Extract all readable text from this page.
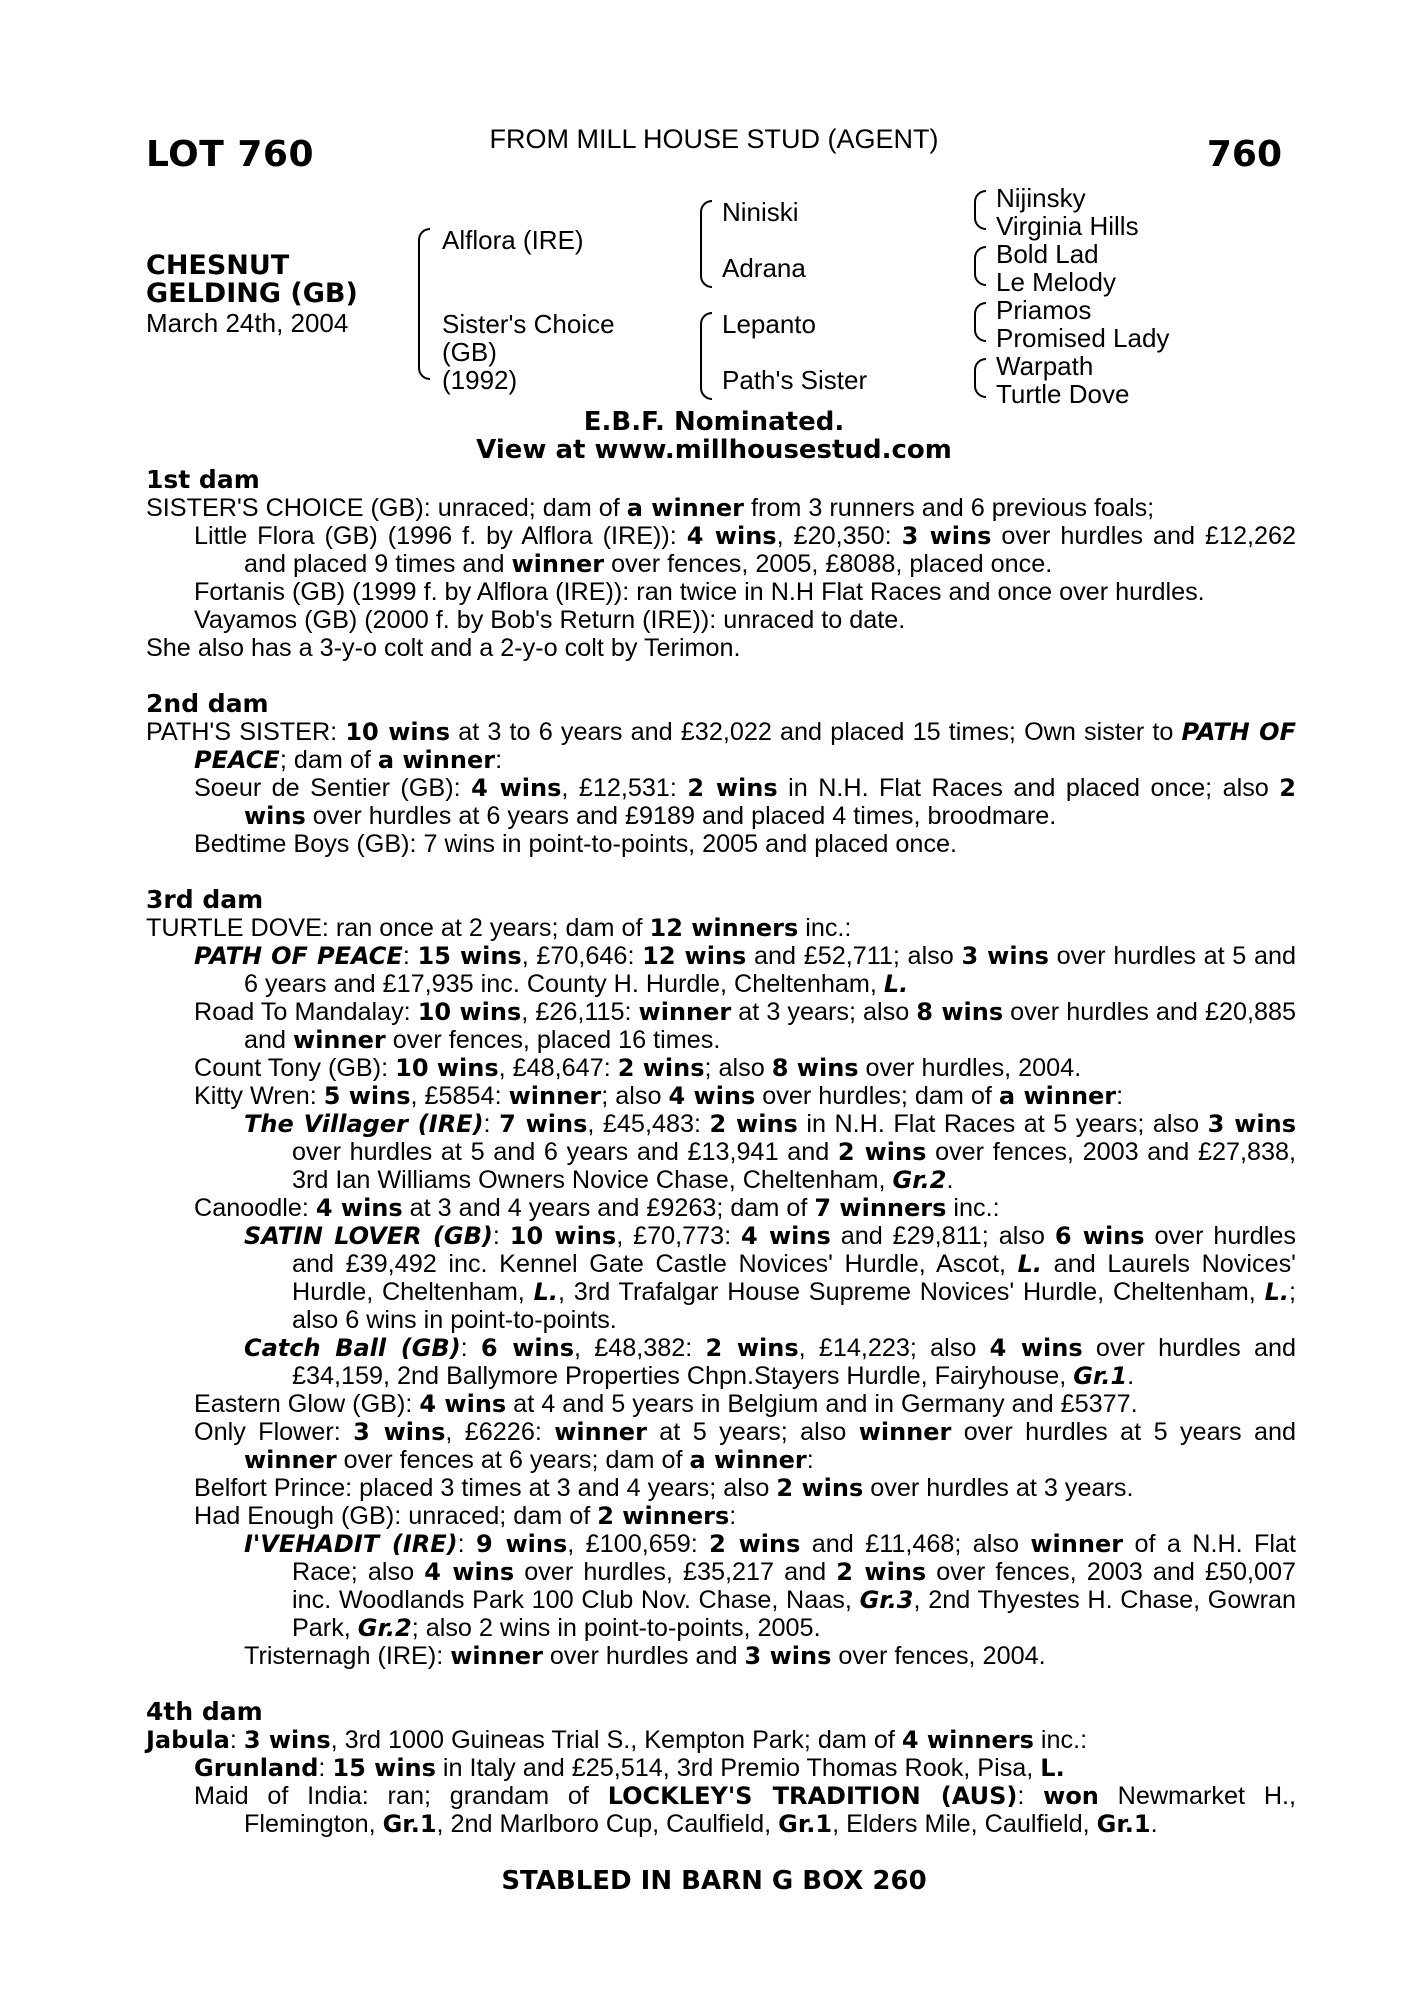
LOT 760	FROM MILL HOUSE STUD (AGENT)	760
CHESNUT
GELDING (GB)
March 24th, 2004
Alflora (IRE)
Sister's Choice
(GB)
(1992)
Niniski
Adrana
Lepanto
Path's Sister
Nijinsky
Virginia Hills
Bold Lad
Le Melody
Priamos
Promised Lady
Warpath
Turtle Dove
E.B.F. Nominated.
View at www.millhousestud.com

1st dam

SISTER'S CHOICE (GB): unraced; dam of a winner from 3 runners and 6 previous foals;

Little Flora (GB) (1996 f. by Alflora (IRE)): 4 wins, £20,350: 3 wins over hurdles and £12,262 and placed 9 times and winner over fences, 2005, £8088, placed once.

Fortanis (GB) (1999 f. by Alflora (IRE)): ran twice in N.H Flat Races and once over hurdles.

Vayamos (GB) (2000 f. by Bob's Return (IRE)): unraced to date.

She also has a 3-y-o colt and a 2-y-o colt by Terimon.

2nd dam

PATH'S SISTER: 10 wins at 3 to 6 years and £32,022 and placed 15 times; Own sister to PATH OF PEACE; dam of a winner:

Soeur de Sentier (GB): 4 wins, £12,531: 2 wins in N.H. Flat Races and placed once; also 2 wins over hurdles at 6 years and £9189 and placed 4 times, broodmare.

Bedtime Boys (GB): 7 wins in point-to-points, 2005 and placed once.

3rd dam

TURTLE DOVE: ran once at 2 years; dam of 12 winners inc.:

PATH OF PEACE: 15 wins, £70,646: 12 wins and £52,711; also 3 wins over hurdles at 5 and 6 years and £17,935 inc. County H. Hurdle, Cheltenham, L.

Road To Mandalay: 10 wins, £26,115: winner at 3 years; also 8 wins over hurdles and £20,885 and winner over fences, placed 16 times.

Count Tony (GB): 10 wins, £48,647: 2 wins; also 8 wins over hurdles, 2004.

Kitty Wren: 5 wins, £5854: winner; also 4 wins over hurdles; dam of a winner:

The Villager (IRE): 7 wins, £45,483: 2 wins in N.H. Flat Races at 5 years; also 3 wins over hurdles at 5 and 6 years and £13,941 and 2 wins over fences, 2003 and £27,838, 3rd Ian Williams Owners Novice Chase, Cheltenham, Gr.2.

Canoodle: 4 wins at 3 and 4 years and £9263; dam of 7 winners inc.:

SATIN LOVER (GB): 10 wins, £70,773: 4 wins and £29,811; also 6 wins over hurdles and £39,492 inc. Kennel Gate Castle Novices' Hurdle, Ascot, L. and Laurels Novices' Hurdle, Cheltenham, L., 3rd Trafalgar House Supreme Novices' Hurdle, Cheltenham, L.; also 6 wins in point-to-points.

Catch Ball (GB): 6 wins, £48,382: 2 wins, £14,223; also 4 wins over hurdles and £34,159, 2nd Ballymore Properties Chpn.Stayers Hurdle, Fairyhouse, Gr.1.

Eastern Glow (GB): 4 wins at 4 and 5 years in Belgium and in Germany and £5377.

Only Flower: 3 wins, £6226: winner at 5 years; also winner over hurdles at 5 years and winner over fences at 6 years; dam of a winner:

Belfort Prince: placed 3 times at 3 and 4 years; also 2 wins over hurdles at 3 years.

Had Enough (GB): unraced; dam of 2 winners:

I'VEHADIT (IRE): 9 wins, £100,659: 2 wins and £11,468; also winner of a N.H. Flat Race; also 4 wins over hurdles, £35,217 and 2 wins over fences, 2003 and £50,007 inc. Woodlands Park 100 Club Nov. Chase, Naas, Gr.3, 2nd Thyestes H. Chase, Gowran Park, Gr.2; also 2 wins in point-to-points, 2005.

Tristernagh (IRE): winner over hurdles and 3 wins over fences, 2004.

4th dam

Jabula: 3 wins, 3rd 1000 Guineas Trial S., Kempton Park; dam of 4 winners inc.:

Grunland: 15 wins in Italy and £25,514, 3rd Premio Thomas Rook, Pisa, L.

Maid of India: ran; grandam of LOCKLEY'S TRADITION (AUS): won Newmarket H., Flemington, Gr.1, 2nd Marlboro Cup, Caulfield, Gr.1, Elders Mile, Caulfield, Gr.1.

STABLED IN BARN G BOX 260
